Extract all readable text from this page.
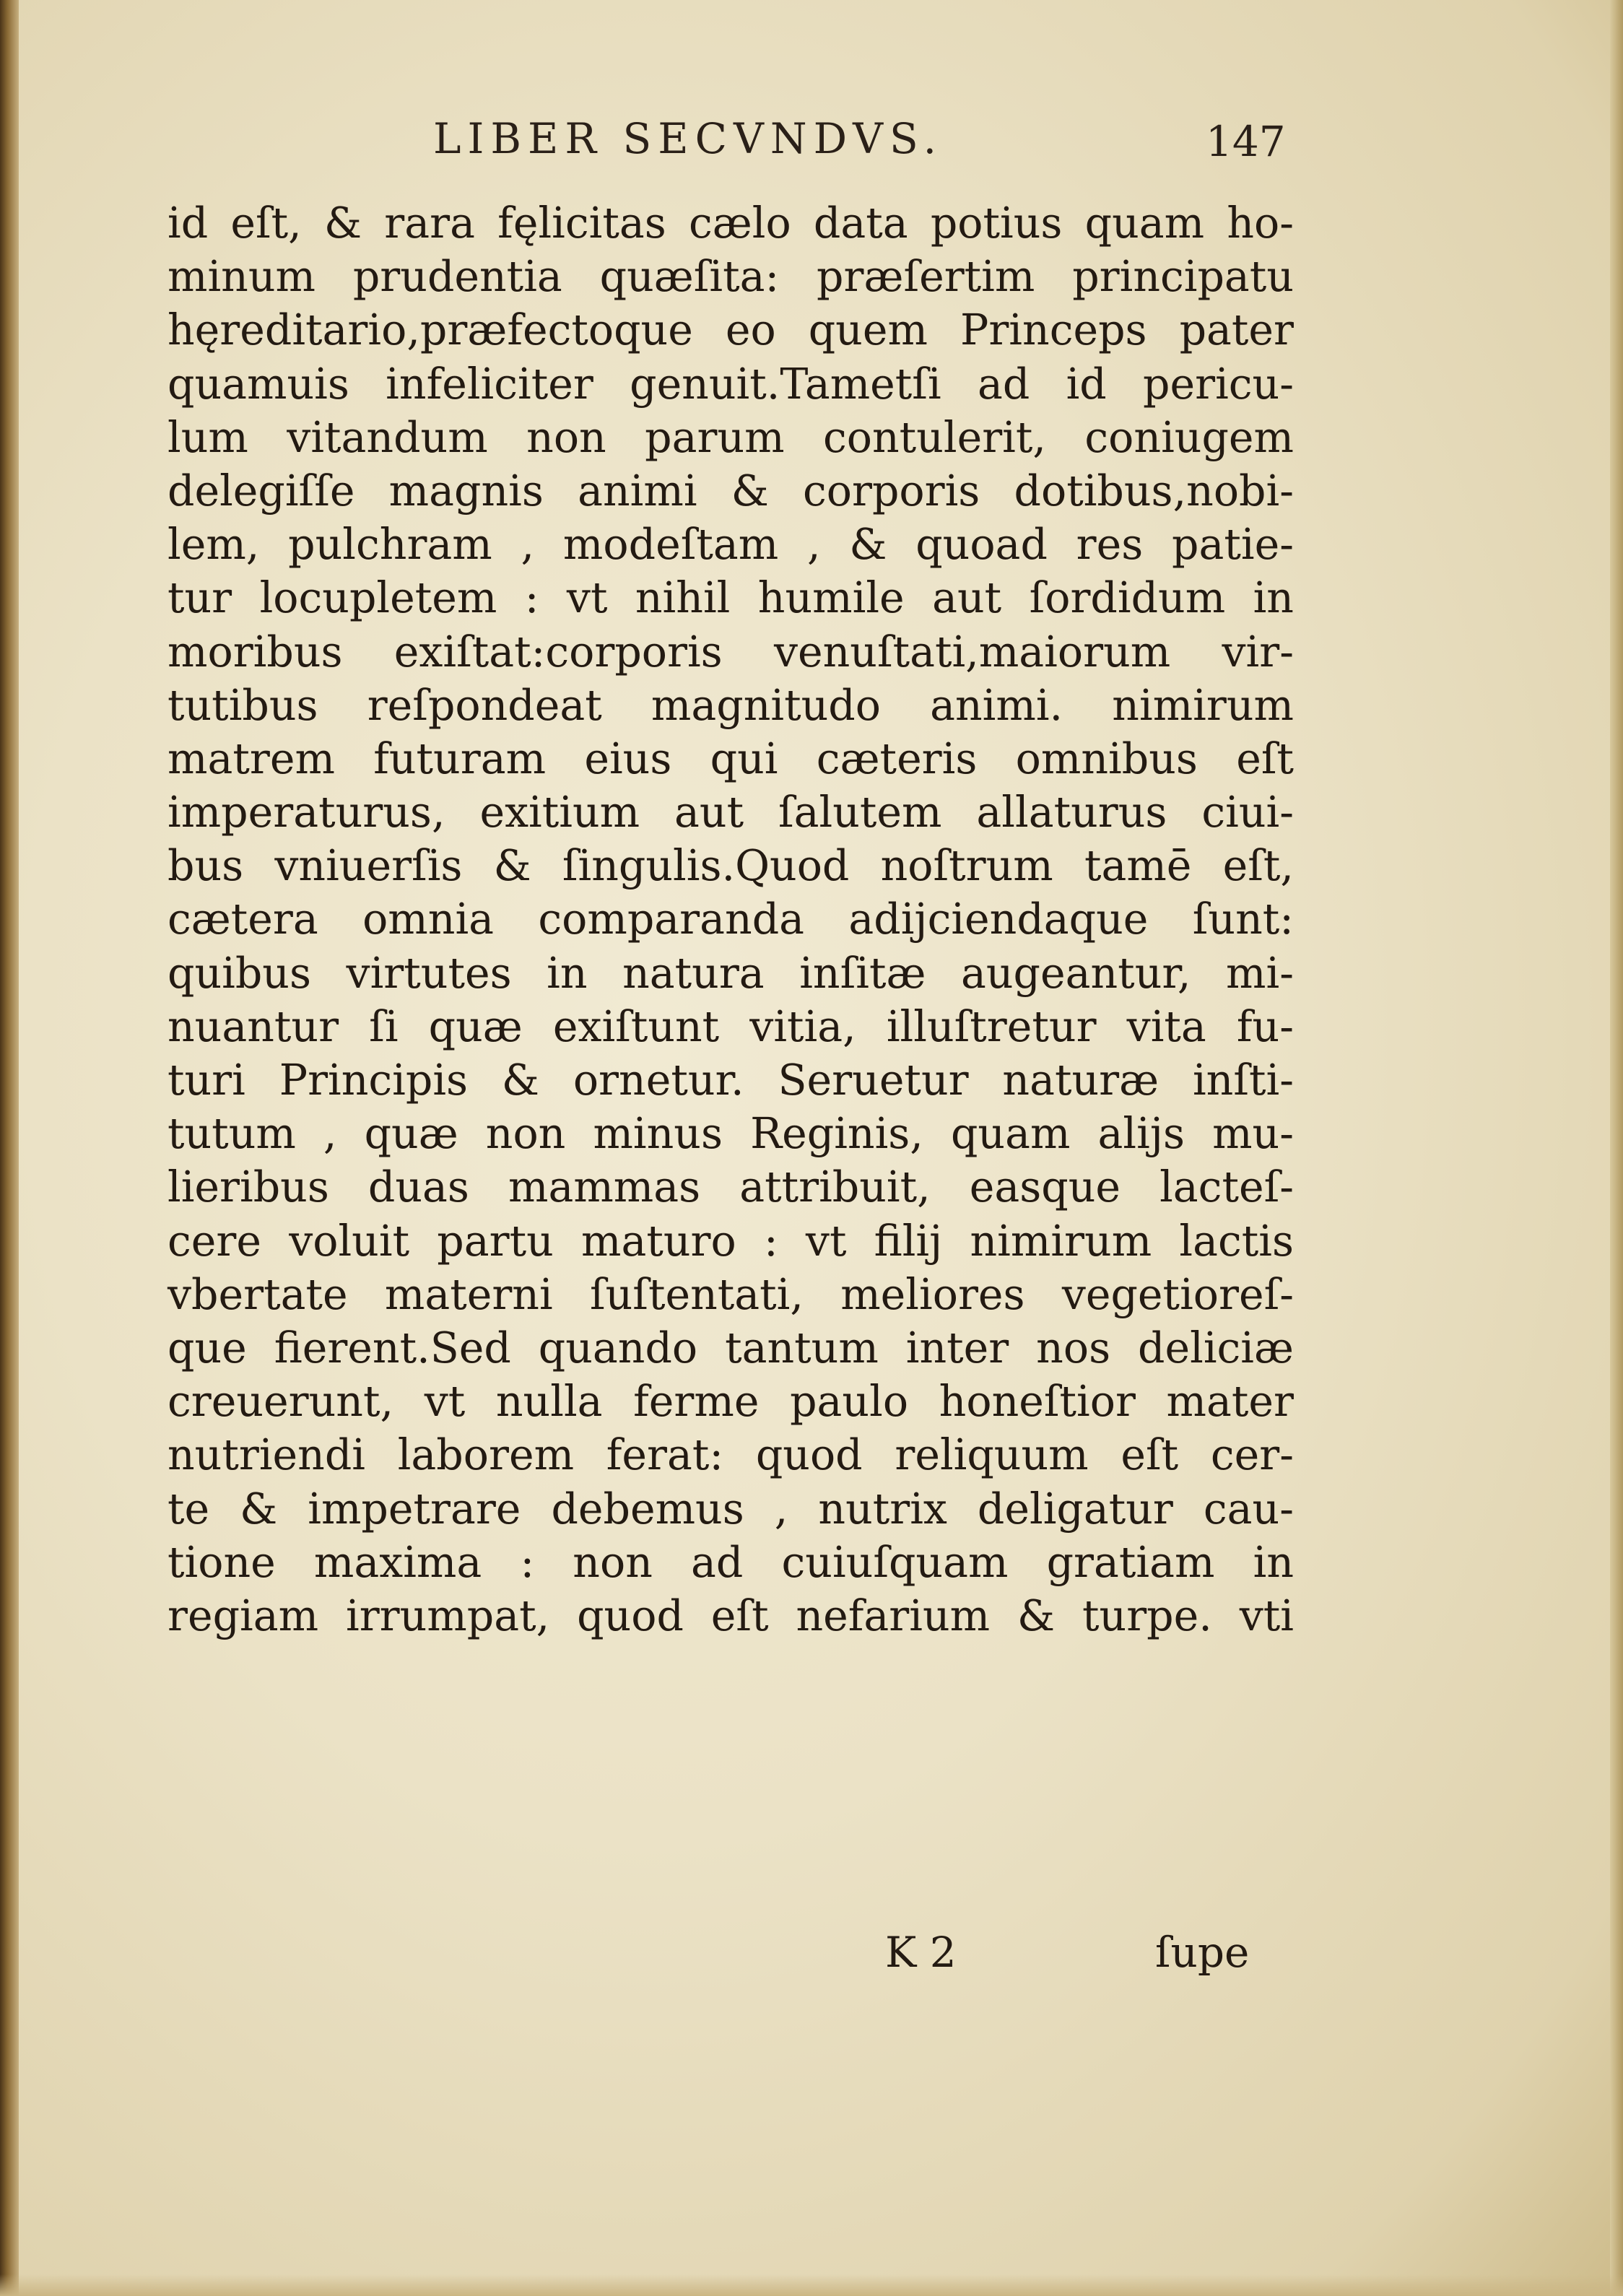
LIBER SECVNDVS.	147
id eſt, & rara fęlicitas cælo data potius quam ho-
minum prudentia quæſita: præſertim principatu
hęreditario,præfectoque eo quem Princeps pater
quamuis infeliciter genuit.Tametſi ad id pericu-
lum vitandum non parum contulerit, coniugem
delegiſſe magnis animi & corporis dotibus,nobi-
lem, pulchram , modeſtam , & quoad res patie-
tur locupletem : vt nihil humile aut ſordidum in
moribus exiſtat:corporis venuſtati,maiorum vir-
tutibus reſpondeat magnitudo animi. nimirum
matrem futuram eius qui cæteris omnibus eſt
imperaturus, exitium aut ſalutem allaturus ciui-
bus vniuerſis & ſingulis.Quod noſtrum tamē eſt,
cætera omnia comparanda adijciendaque ſunt:
quibus virtutes in natura inſitæ augeantur, mi-
nuantur ſi quæ exiſtunt vitia, illuſtretur vita fu-
turi Principis & ornetur. Seruetur naturæ inſti-
tutum , quæ non minus Reginis, quam alijs mu-
lieribus duas mammas attribuit, easque lacteſ-
cere voluit partu maturo : vt filij nimirum lactis
vbertate materni ſuſtentati, meliores vegetioreſ-
que fierent.Sed quando tantum inter nos deliciæ
creuerunt, vt nulla ferme paulo honeſtior mater
nutriendi laborem ferat: quod reliquum eſt cer-
te & impetrare debemus , nutrix deligatur cau-
tione maxima : non ad cuiuſquam gratiam in
regiam irrumpat, quod eſt nefarium & turpe. vti
K 2	ſupe
